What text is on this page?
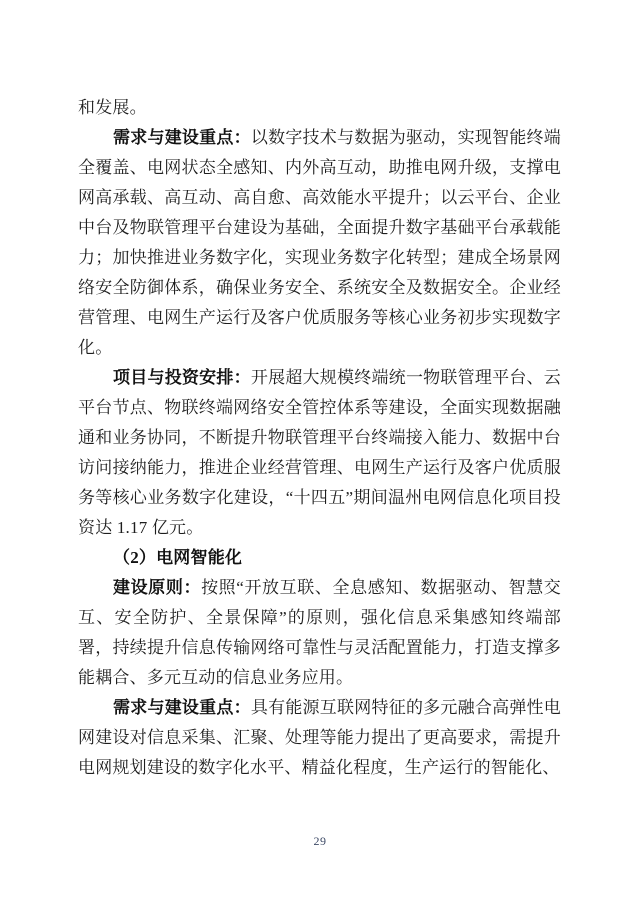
和发展。

需求与建设重点：以数字技术与数据为驱动，实现智能终端全覆盖、电网状态全感知、内外高互动，助推电网升级，支撑电网高承载、高互动、高自愈、高效能水平提升；以云平台、企业中台及物联管理平台建设为基础，全面提升数字基础平台承载能力；加快推进业务数字化，实现业务数字化转型；建成全场景网络安全防御体系，确保业务安全、系统安全及数据安全。企业经营管理、电网生产运行及客户优质服务等核心业务初步实现数字化。

项目与投资安排：开展超大规模终端统一物联管理平台、云平台节点、物联终端网络安全管控体系等建设，全面实现数据融通和业务协同，不断提升物联管理平台终端接入能力、数据中台访问接纳能力，推进企业经营管理、电网生产运行及客户优质服务等核心业务数字化建设，“十四五”期间温州电网信息化项目投资达 1.17 亿元。

（2）电网智能化

建设原则：按照“开放互联、全息感知、数据驱动、智慧交互、安全防护、全景保障”的原则，强化信息采集感知终端部署，持续提升信息传输网络可靠性与灵活配置能力，打造支撑多能耦合、多元互动的信息业务应用。

需求与建设重点：具有能源互联网特征的多元融合高弹性电网建设对信息采集、汇聚、处理等能力提出了更高要求，需提升电网规划建设的数字化水平、精益化程度，生产运行的智能化、

29
